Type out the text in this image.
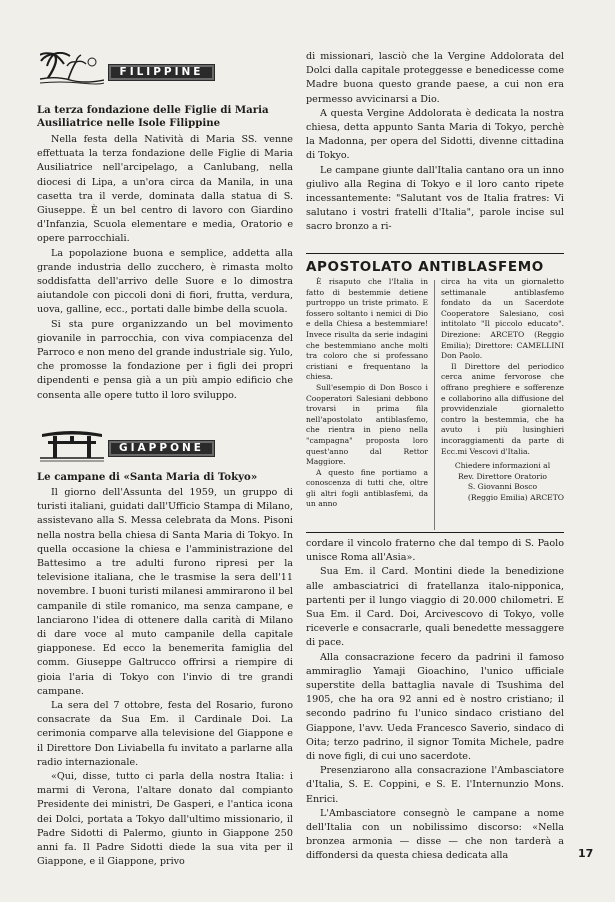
FILIPPINE
La terza fondazione delle Figlie di Maria
Ausiliatrice nelle Isole Filippine

Nella festa della Natività di Maria SS. venne effettuata la terza fondazione delle Figlie di Maria Ausiliatrice nell'arcipelago, a Canlubang, nella diocesi di Lipa, a un'ora circa da Manila, in una casetta tra il verde, dominata dalla statua di S. Giuseppe. È un bel centro di lavoro con Giardino d'Infanzia, Scuola elementare e media, Oratorio e opere parrocchiali.

La popolazione buona e semplice, addetta alla grande industria dello zucchero, è rimasta molto soddisfatta dell'arrivo delle Suore e lo dimostra aiutandole con piccoli doni di fiori, frutta, verdura, uova, galline, ecc., portati dalle bimbe della scuola.

Si sta pure organizzando un bel movimento giovanile in parrocchia, con viva compiacenza del Parroco e non meno del grande industriale sig. Yulo, che promosse la fondazione per i figli dei propri dipendenti e pensa già a un più ampio edificio che consenta alle opere tutto il loro sviluppo.

GIAPPONE
Le campane di «Santa Maria di Tokyo»

Il giorno dell'Assunta del 1959, un gruppo di turisti italiani, guidati dall'Ufficio Stampa di Milano, assistevano alla S. Messa celebrata da Mons. Pisoni nella nostra bella chiesa di Santa Maria di Tokyo. In quella occasione la chiesa e l'amministrazione del Battesimo a tre adulti furono ripresi per la televisione italiana, che le trasmise la sera dell'11 novembre. I buoni turisti milanesi ammirarono il bel campanile di stile romanico, ma senza campane, e lanciarono l'idea di ottenere dalla carità di Milano di dare voce al muto campanile della capitale giapponese. Ed ecco la benemerita famiglia del comm. Giuseppe Galtrucco offrirsi a riempire di gioia l'aria di Tokyo con l'invio di tre grandi campane.

La sera del 7 ottobre, festa del Rosario, furono consacrate da Sua Em. il Cardinale Doi. La cerimonia comparve alla televisione del Giappone e il Direttore Don Liviabella fu invitato a parlarne alla radio internazionale.

«Qui, disse, tutto ci parla della nostra Italia: i marmi di Verona, l'altare donato dal compianto Presidente dei ministri, De Gasperi, e l'antica icona dei Dolci, portata a Tokyo dall'ultimo missionario, il Padre Sidotti di Palermo, giunto in Giappone 250 anni fa. Il Padre Sidotti diede la sua vita per il Giappone, e il Giappone, privo

di missionari, lasciò che la Vergine Addolorata del Dolci dalla capitale proteggesse e benedicesse come Madre buona questo grande paese, a cui non era permesso avvicinarsi a Dio.

A questa Vergine Addolorata è dedicata la nostra chiesa, detta appunto Santa Maria di Tokyo, perchè la Madonna, per opera del Sidotti, divenne cittadina di Tokyo.

Le campane giunte dall'Italia cantano ora un inno giulivo alla Regina di Tokyo e il loro canto ripete incessantemente: "Salutant vos de Italia fratres: Vi salutano i vostri fratelli d'Italia", parole incise sul sacro bronzo a ri-

APOSTOLATO ANTIBLASFEMO

È risaputo che l'Italia in fatto di bestemmie detiene purtroppo un triste primato. E fossero soltanto i nemici di Dio e della Chiesa a bestemmiare! Invece risulta da serie indagini che bestemmiano anche molti tra coloro che si professano cristiani e frequentano la chiesa.

Sull'esempio di Don Bosco i Cooperatori Salesiani debbono trovarsi in prima fila nell'apostolato antiblasfemo, che rientra in pieno nella "campagna" proposta loro quest'anno dal Rettor Maggiore.

A questo fine portiamo a conoscenza di tutti che, oltre gli altri fogli antiblasfemi, da un anno

circa ha vita un giornaletto settimanale antiblasfemo fondato da un Sacerdote Cooperatore Salesiano, così intitolato "Il piccolo educato". Direzione: ARCETO (Reggio Emilia); Direttore: CAMELLINI Don Paolo.

Il Direttore del periodico cerca anime fervorose che offrano preghiere e sofferenze e collaborino alla diffusione del provvidenziale giornaletto contro la bestemmia, che ha avuto i più lusinghieri incoraggiamenti da parte di Ecc.mi Vescovi d'Italia.

Chiedere informazioni al

Rev. Direttore Oratorio

S. Giovanni Bosco

(Reggio Emilia) ARCETO

cordare il vincolo fraterno che dal tempo di S. Paolo unisce Roma all'Asia».

Sua Em. il Card. Montini diede la benedizione alle ambasciatrici di fratellanza italo-nipponica, partenti per il lungo viaggio di 20.000 chilometri. E Sua Em. il Card. Doi, Arcivescovo di Tokyo, volle riceverle e consacrarle, quali benedette messaggere di pace.

Alla consacrazione fecero da padrini il famoso ammiraglio Yamaji Gioachino, l'unico ufficiale superstite della battaglia navale di Tsushima del 1905, che ha ora 92 anni ed è nostro cristiano; il secondo padrino fu l'unico sindaco cristiano del Giappone, l'avv. Ueda Francesco Saverio, sindaco di Oita; terzo padrino, il signor Tomita Michele, padre di nove figli, di cui uno sacerdote.

Presenziarono alla consacrazione l'Ambasciatore d'Italia, S. E. Coppini, e S. E. l'Internunzio Mons. Enrici.

L'Ambasciatore consegnò le campane a nome dell'Italia con un nobilissimo discorso: «Nella bronzea armonia — disse — che non tarderà a diffondersi da questa chiesa dedicata alla	17
